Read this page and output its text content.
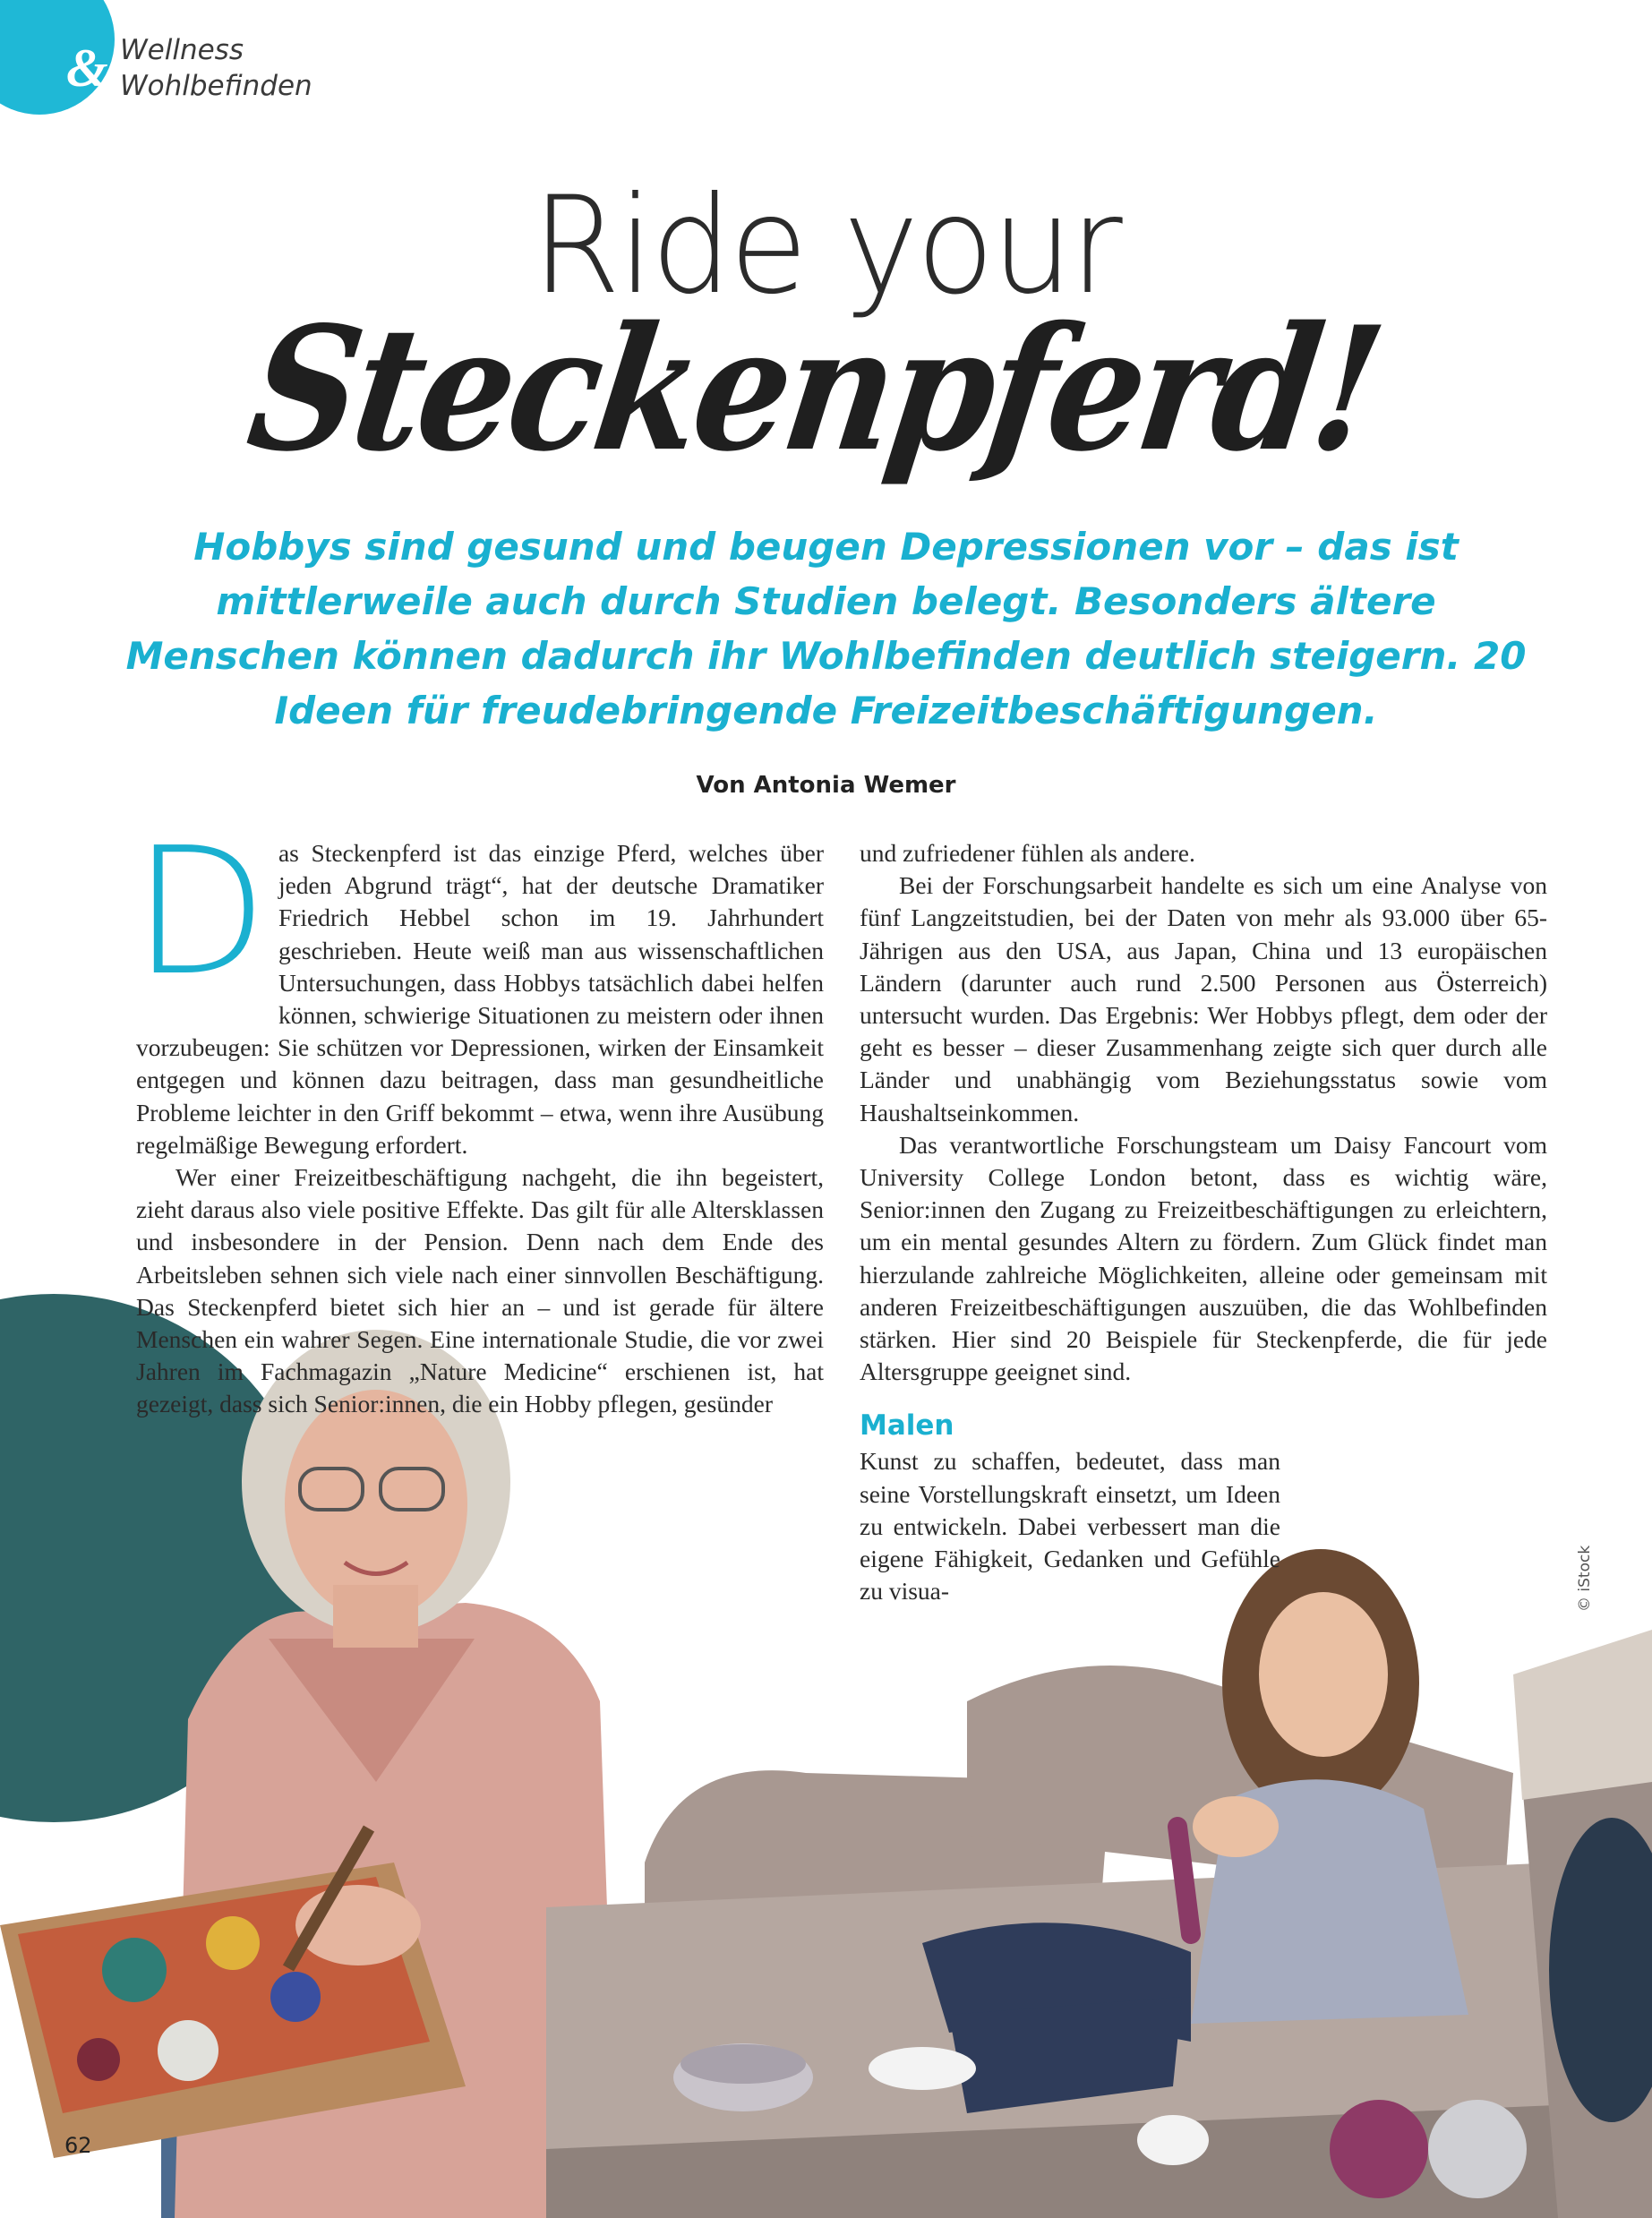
& Wellness
Wohlbefinden
Ride your
Steckenpferd!
Hobbys sind gesund und beugen Depressionen vor – das ist mittlerweile auch durch Studien belegt. Besonders ältere Menschen können dadurch ihr Wohlbefinden deutlich steigern. 20 Ideen für freudebringende Freizeitbeschäftigungen.
Von Antonia Wemer
D as Steckenpferd ist das einzige Pferd, welches über jeden Abgrund trägt“, hat der deutsche Dramatiker Friedrich Hebbel schon im 19. Jahrhundert geschrieben. Heute weiß man aus wissenschaftlichen Untersuchungen, dass Hobbys tatsächlich dabei helfen können, schwierige Situationen zu meistern oder ihnen vorzubeugen: Sie schützen vor Depressionen, wirken der Einsamkeit entgegen und können dazu beitragen, dass man gesundheitliche Probleme leichter in den Griff bekommt – etwa, wenn ihre Ausübung regelmäßige Bewegung erfordert.

Wer einer Freizeitbeschäftigung nachgeht, die ihn begeistert, zieht daraus also viele positive Effekte. Das gilt für alle Altersklassen und insbesondere in der Pension. Denn nach dem Ende des Arbeitsleben sehnen sich viele nach einer sinnvollen Beschäftigung. Das Steckenpferd bietet sich hier an – und ist gerade für ältere Menschen ein wahrer Segen. Eine internationale Studie, die vor zwei Jahren im Fachmagazin „Nature Medicine“ erschienen ist, hat gezeigt, dass sich Senior:innen, die ein Hobby pflegen, gesünder

und zufriedener fühlen als andere.

Bei der Forschungsarbeit handelte es sich um eine Analyse von fünf Langzeitstudien, bei der Daten von mehr als 93.000 über 65-Jährigen aus den USA, aus Japan, China und 13 europäischen Ländern (darunter auch rund 2.500 Personen aus Österreich) untersucht wurden. Das Ergebnis: Wer Hobbys pflegt, dem oder der geht es besser – dieser Zusammenhang zeigte sich quer durch alle Länder und unabhängig vom Beziehungsstatus sowie vom Haushaltseinkommen.

Das verantwortliche Forschungsteam um Daisy Fancourt vom University College London betont, dass es wichtig wäre, Senior:innen den Zugang zu Freizeitbeschäftigungen zu erleichtern, um ein mental gesundes Altern zu fördern. Zum Glück findet man hierzulande zahlreiche Möglichkeiten, alleine oder gemeinsam mit anderen Freizeitbeschäftigungen auszuüben, die das Wohlbefinden stärken. Hier sind 20 Beispiele für Steckenpferde, die für jede Altersgruppe geeignet sind.

Malen

Kunst zu schaffen, bedeutet, dass man seine Vorstellungskraft einsetzt, um Ideen zu entwickeln. Dabei verbessert man die eigene Fähigkeit, Gedanken und Gefühle zu visua-	© iStock
62
